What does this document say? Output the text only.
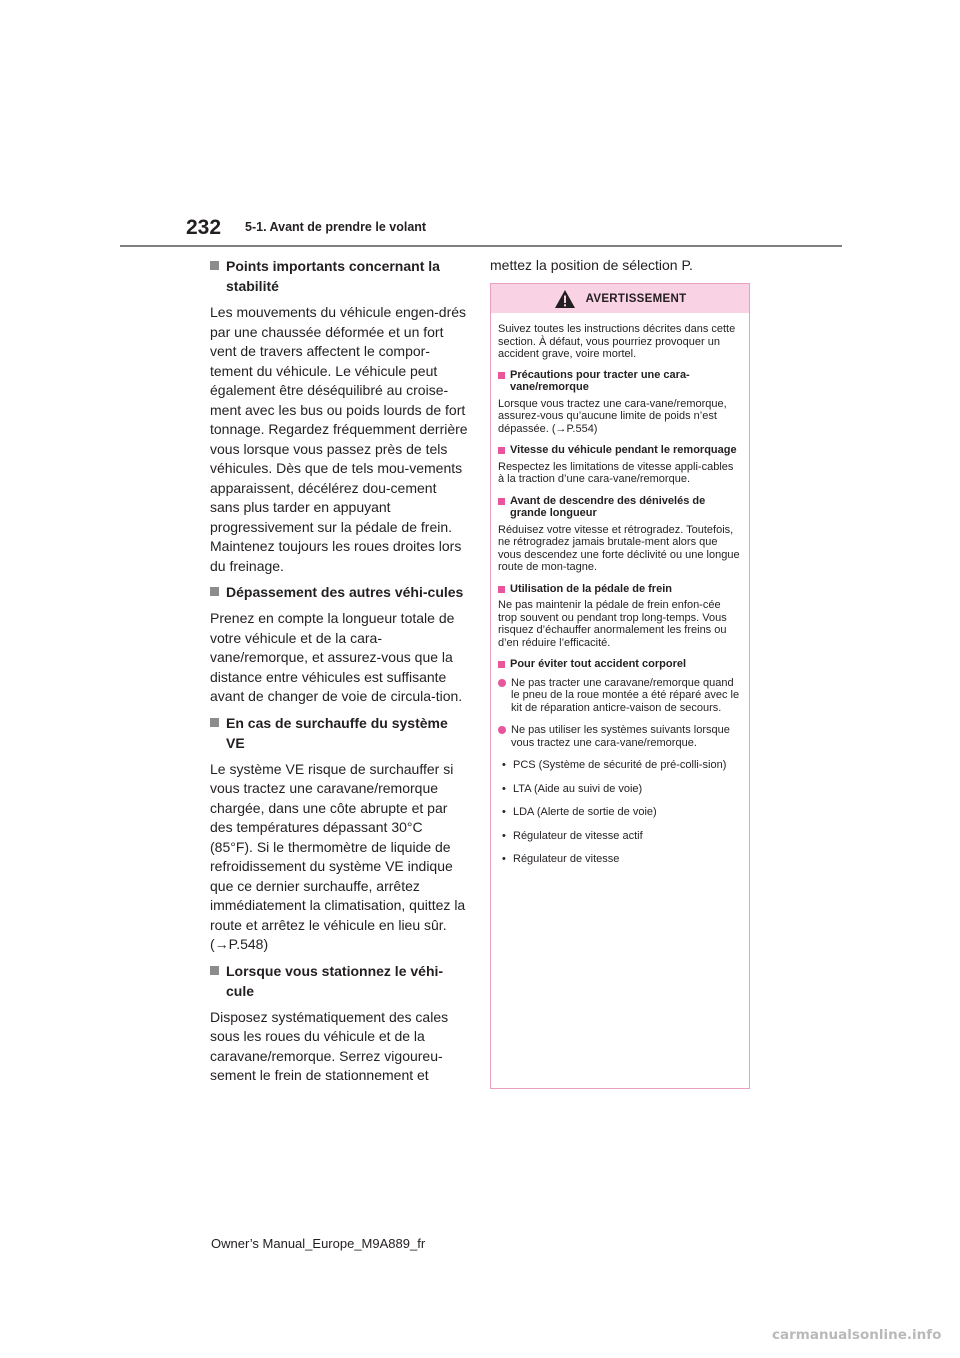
232 5-1. Avant de prendre le volant
Points importants concernant la stabilité
Les mouvements du véhicule engen-drés par une chaussée déformée et un fort vent de travers affectent le compor-tement du véhicule. Le véhicule peut également être déséquilibré au croise-ment avec les bus ou poids lourds de fort tonnage. Regardez fréquemment derrière vous lorsque vous passez près de tels véhicules. Dès que de tels mou-vements apparaissent, décélérez dou-cement sans plus tarder en appuyant progressivement sur la pédale de frein. Maintenez toujours les roues droites lors du freinage.
Dépassement des autres véhi-cules
Prenez en compte la longueur totale de votre véhicule et de la cara-vane/remorque, et assurez-vous que la distance entre véhicules est suffisante avant de changer de voie de circula-tion.
En cas de surchauffe du système VE
Le système VE risque de surchauffer si vous tractez une caravane/remorque chargée, dans une côte abrupte et par des températures dépassant 30°C (85°F). Si le thermomètre de liquide de refroidissement du système VE indique que ce dernier surchauffe, arrêtez immédiatement la climatisation, quittez la route et arrêtez le véhicule en lieu sûr. (→P.548)
Lorsque vous stationnez le véhi-cule
Disposez systématiquement des cales sous les roues du véhicule et de la caravane/remorque. Serrez vigoureu-sement le frein de stationnement et
mettez la position de sélection P.
AVERTISSEMENT
Suivez toutes les instructions décrites dans cette section. À défaut, vous pourriez provoquer un accident grave, voire mortel.
Précautions pour tracter une cara-vane/remorque
Lorsque vous tractez une cara-vane/remorque, assurez-vous qu’aucune limite de poids n’est dépassée. (→P.554)
Vitesse du véhicule pendant le remorquage
Respectez les limitations de vitesse appli-cables à la traction d’une cara-vane/remorque.
Avant de descendre des dénivelés de grande longueur
Réduisez votre vitesse et rétrogradez. Toutefois, ne rétrogradez jamais brutale-ment alors que vous descendez une forte déclivité ou une longue route de mon-tagne.
Utilisation de la pédale de frein
Ne pas maintenir la pédale de frein enfon-cée trop souvent ou pendant trop long-temps. Vous risquez d’échauffer anormalement les freins ou d’en réduire l’efficacité.
Pour éviter tout accident corporel
Ne pas tracter une caravane/remorque quand le pneu de la roue montée a été réparé avec le kit de réparation anticre-vaison de secours.
Ne pas utiliser les systèmes suivants lorsque vous tractez une cara-vane/remorque.
• PCS (Système de sécurité de pré-colli-sion)
• LTA (Aide au suivi de voie)
• LDA (Alerte de sortie de voie)
• Régulateur de vitesse actif
• Régulateur de vitesse
Owner’s Manual_Europe_M9A889_fr
carmanualsonline.info
